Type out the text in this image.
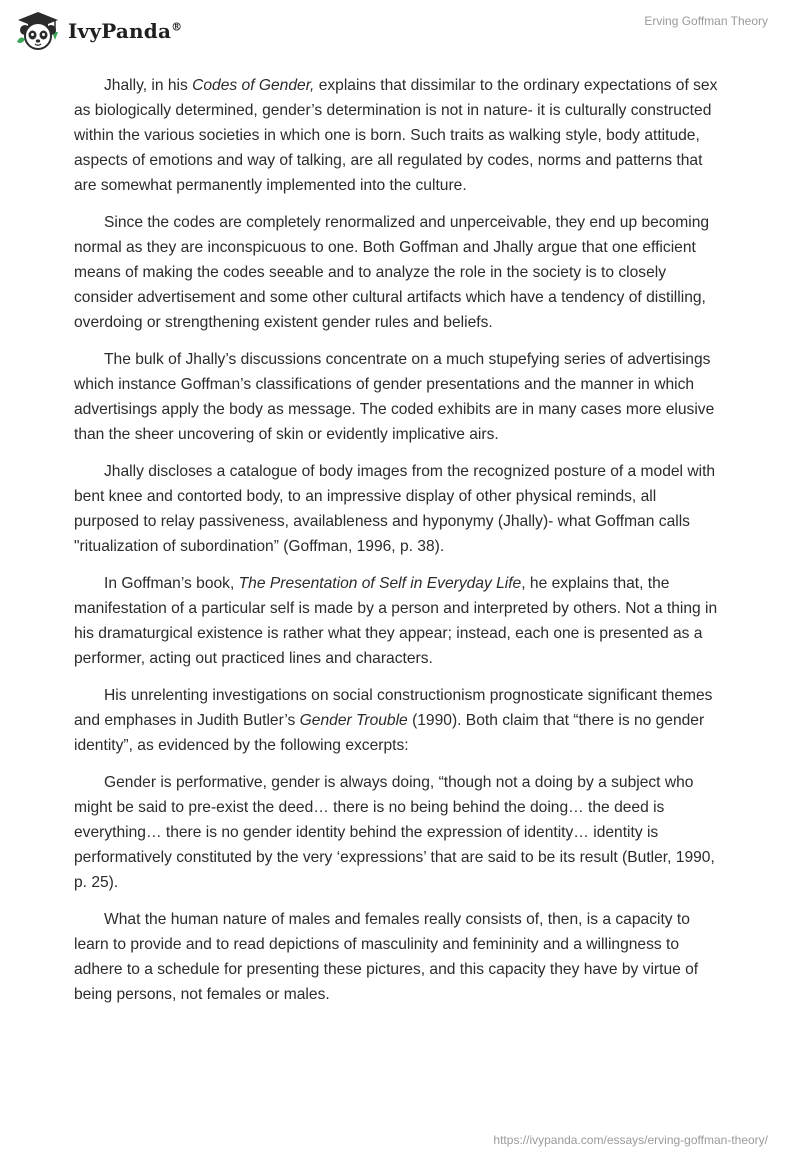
IvyPanda®	Erving Goffman Theory

Jhally, in his Codes of Gender, explains that dissimilar to the ordinary expectations of sex as biologically determined, gender’s determination is not in nature- it is culturally constructed within the various societies in which one is born. Such traits as walking style, body attitude, aspects of emotions and way of talking, are all regulated by codes, norms and patterns that are somewhat permanently implemented into the culture.

Since the codes are completely renormalized and unperceivable, they end up becoming normal as they are inconspicuous to one. Both Goffman and Jhally argue that one efficient means of making the codes seeable and to analyze the role in the society is to closely consider advertisement and some other cultural artifacts which have a tendency of distilling, overdoing or strengthening existent gender rules and beliefs.

The bulk of Jhally’s discussions concentrate on a much stupefying series of advertisings which instance Goffman’s classifications of gender presentations and the manner in which advertisings apply the body as message. The coded exhibits are in many cases more elusive than the sheer uncovering of skin or evidently implicative airs.

Jhally discloses a catalogue of body images from the recognized posture of a model with bent knee and contorted body, to an impressive display of other physical reminds, all purposed to relay passiveness, availableness and hyponymy (Jhally)- what Goffman calls "ritualization of subordination” (Goffman, 1996, p. 38).

In Goffman’s book, The Presentation of Self in Everyday Life, he explains that, the manifestation of a particular self is made by a person and interpreted by others. Not a thing in his dramaturgical existence is rather what they appear; instead, each one is presented as a performer, acting out practiced lines and characters.

His unrelenting investigations on social constructionism prognosticate significant themes and emphases in Judith Butler’s Gender Trouble (1990). Both claim that “there is no gender identity”, as evidenced by the following excerpts:

Gender is performative, gender is always doing, “though not a doing by a subject who might be said to pre-exist the deed… there is no being behind the doing… the deed is everything… there is no gender identity behind the expression of identity… identity is performatively constituted by the very ‘expressions’ that are said to be its result (Butler, 1990, p. 25).

What the human nature of males and females really consists of, then, is a capacity to learn to provide and to read depictions of masculinity and femininity and a willingness to adhere to a schedule for presenting these pictures, and this capacity they have by virtue of being persons, not females or males.

https://ivypanda.com/essays/erving-goffman-theory/
